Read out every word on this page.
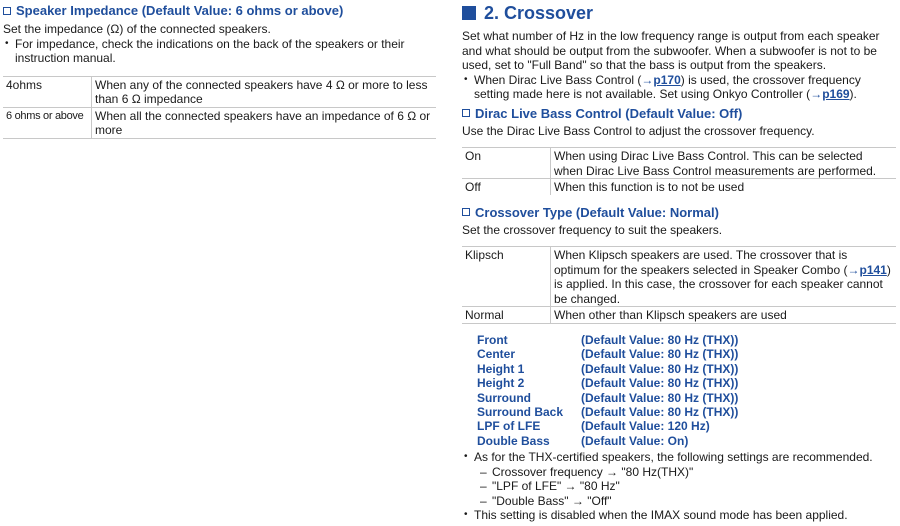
Speaker Impedance (Default Value: 6 ohms or above)

Set the impedance (Ω) of the connected speakers.

• For impedance, check the indications on the back of the speakers or their instruction manual.
4ohms	When any of the connected speakers have 4 Ω or more to less than 6 Ω impedance
6 ohms or above	When all the connected speakers have an impedance of 6 Ω or more
2. Crossover

Set what number of Hz in the low frequency range is output from each speaker and what should be output from the subwoofer. When a subwoofer is not to be used, set to "Full Band" so that the bass is output from the speakers.

• When Dirac Live Bass Control (→p170) is used, the crossover frequency setting made here is not available. Set using Onkyo Controller (→p169).
Dirac Live Bass Control (Default Value: Off)

Use the Dirac Live Bass Control to adjust the crossover frequency.

On	When using Dirac Live Bass Control. This can be selected when Dirac Live Bass Control measurements are performed.
Off	When this function is to not be used
Crossover Type (Default Value: Normal)

Set the crossover frequency to suit the speakers.

Klipsch	When Klipsch speakers are used. The crossover that is optimum for the speakers selected in Speaker Combo (→p141) is applied. In this case, the crossover for each speaker cannot be changed.
Normal	When other than Klipsch speakers are used
Front	(Default Value: 80 Hz (THX))
Center	(Default Value: 80 Hz (THX))
Height 1	(Default Value: 80 Hz (THX))
Height 2	(Default Value: 80 Hz (THX))
Surround	(Default Value: 80 Hz (THX))
Surround Back	(Default Value: 80 Hz (THX))
LPF of LFE	(Default Value: 120 Hz)
Double Bass	(Default Value: On)
• As for the THX-certified speakers, the following settings are recommended.
– Crossover frequency → "80 Hz(THX)"
– "LPF of LFE" → "80 Hz"
– "Double Bass" → "Off"
• This setting is disabled when the IMAX sound mode has been applied.
